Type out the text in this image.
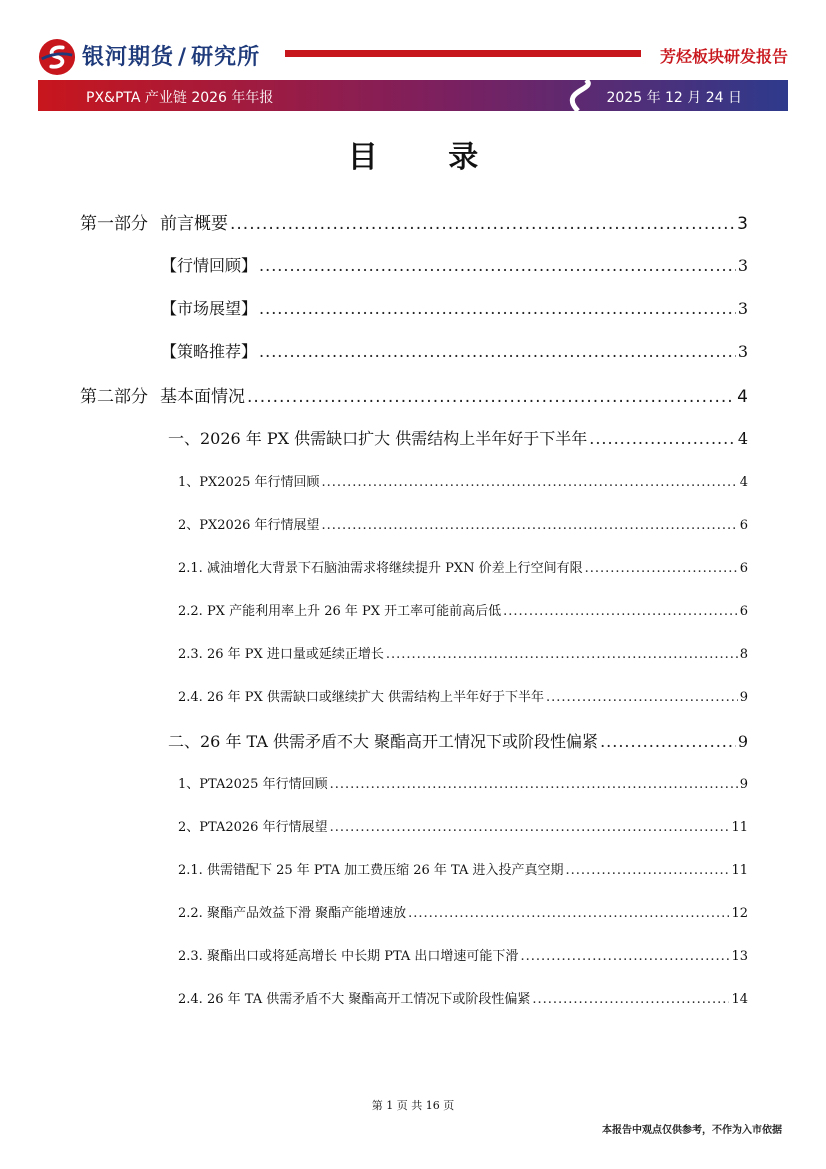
银河期货 / 研究所	芳烃板块研发报告
PX&PTA 产业链 2026 年年报	2025 年 12 月 24 日
目 录
第一部分 前言概要 .....	3
【行情回顾】 .....	3
【市场展望】 .....	3
【策略推荐】 .....	3
第二部分 基本面情况 .....	4
一、2026 年 PX 供需缺口扩大 供需结构上半年好于下半年 .....	4
1、PX2025 年行情回顾 .....	4
2、PX2026 年行情展望 .....	6
2.1. 减油增化大背景下石脑油需求将继续提升 PXN 价差上行空间有限 .....	6
2.2. PX 产能利用率上升 26 年 PX 开工率可能前高后低 .....	6
2.3. 26 年 PX 进口量或延续正增长 .....	8
2.4. 26 年 PX 供需缺口或继续扩大 供需结构上半年好于下半年 .....	9
二、26 年 TA 供需矛盾不大 聚酯高开工情况下或阶段性偏紧 .....	9
1、PTA2025 年行情回顾 .....	9
2、PTA2026 年行情展望 .....	11
2.1. 供需错配下 25 年 PTA 加工费压缩 26 年 TA 进入投产真空期 .....	11
2.2. 聚酯产品效益下滑 聚酯产能增速放 .....	12
2.3. 聚酯出口或将延高增长 中长期 PTA 出口增速可能下滑 .....	13
2.4. 26 年 TA 供需矛盾不大 聚酯高开工情况下或阶段性偏紧 .....	14
第 1 页 共 16 页
本报告中观点仅供参考，不作为入市依据
